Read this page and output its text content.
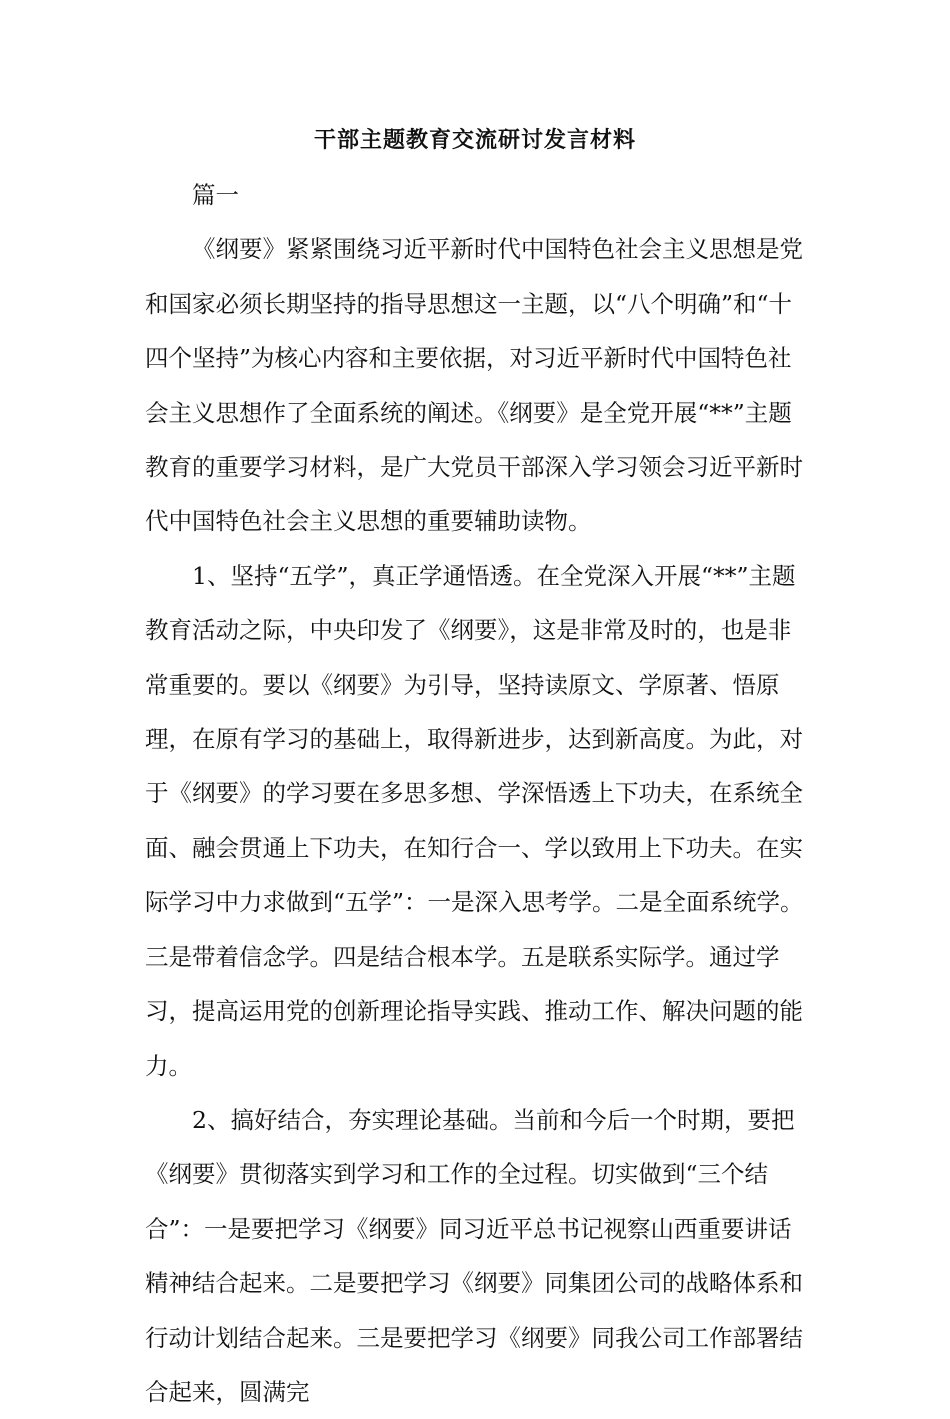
干部主题教育交流研讨发言材料

篇一

《纲要》紧紧围绕习近平新时代中国特色社会主义思想是党和国家必须长期坚持的指导思想这一主题，以“八个明确”和“十四个坚持”为核心内容和主要依据，对习近平新时代中国特色社会主义思想作了全面系统的阐述。《纲要》是全党开展“**”主题教育的重要学习材料，是广大党员干部深入学习领会习近平新时代中国特色社会主义思想的重要辅助读物。

1、坚持“五学”，真正学通悟透。在全党深入开展“**”主题教育活动之际，中央印发了《纲要》，这是非常及时的，也是非常重要的。要以《纲要》为引导，坚持读原文、学原著、悟原理，在原有学习的基础上，取得新进步，达到新高度。为此，对于《纲要》的学习要在多思多想、学深悟透上下功夫，在系统全面、融会贯通上下功夫，在知行合一、学以致用上下功夫。在实际学习中力求做到“五学”：一是深入思考学。二是全面系统学。三是带着信念学。四是结合根本学。五是联系实际学。通过学习，提高运用党的创新理论指导实践、推动工作、解决问题的能力。

2、搞好结合，夯实理论基础。当前和今后一个时期，要把《纲要》贯彻落实到学习和工作的全过程。切实做到“三个结合”：一是要把学习《纲要》同习近平总书记视察山西重要讲话精神结合起来。二是要把学习《纲要》同集团公司的战略体系和行动计划结合起来。三是要把学习《纲要》同我公司工作部署结合起来，圆满完
